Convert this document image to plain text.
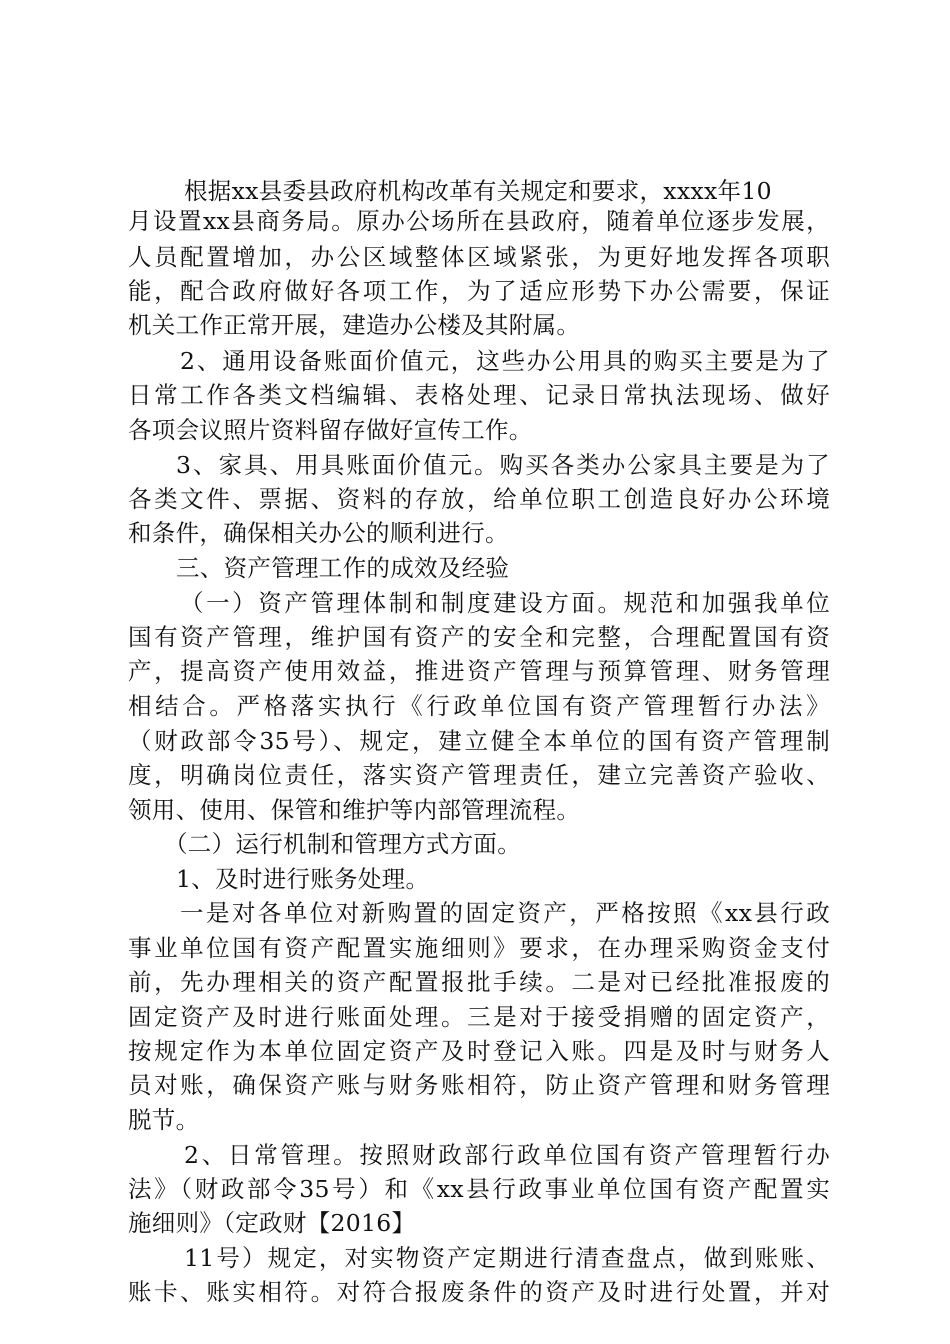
根据xx县委县政府机构改革有关规定和要求，xxxx年10
月设置xx县商务局。原办公场所在县政府，随着单位逐步发展，
人员配置增加，办公区域整体区域紧张，为更好地发挥各项职
能，配合政府做好各项工作，为了适应形势下办公需要，保证
机关工作正常开展，建造办公楼及其附属。
2、通用设备账面价值元，这些办公用具的购买主要是为了
日常工作各类文档编辑、表格处理、记录日常执法现场、做好
各项会议照片资料留存做好宣传工作。
3、家具、用具账面价值元。购买各类办公家具主要是为了
各类文件、票据、资料的存放，给单位职工创造良好办公环境
和条件，确保相关办公的顺利进行。
三、资产管理工作的成效及经验
（一）资产管理体制和制度建设方面。规范和加强我单位
国有资产管理，维护国有资产的安全和完整，合理配置国有资
产，提高资产使用效益，推进资产管理与预算管理、财务管理
相结合。严格落实执行《行政单位国有资产管理暂行办法》
（财政部令35号）、规定，建立健全本单位的国有资产管理制
度，明确岗位责任，落实资产管理责任，建立完善资产验收、
领用、使用、保管和维护等内部管理流程。
（二）运行机制和管理方式方面。
1、及时进行账务处理。
一是对各单位对新购置的固定资产，严格按照《xx县行政
事业单位国有资产配置实施细则》要求，在办理采购资金支付
前，先办理相关的资产配置报批手续。二是对已经批准报废的
固定资产及时进行账面处理。三是对于接受捐赠的固定资产，
按规定作为本单位固定资产及时登记入账。四是及时与财务人
员对账，确保资产账与财务账相符，防止资产管理和财务管理
脱节。
2、日常管理。按照财政部行政单位国有资产管理暂行办
法》（财政部令35号）和《xx县行政事业单位国有资产配置实
施细则》（定政财【2016】
11号）规定，对实物资产定期进行清查盘点，做到账账、
账卡、账实相符。对符合报废条件的资产及时进行处置，并对
